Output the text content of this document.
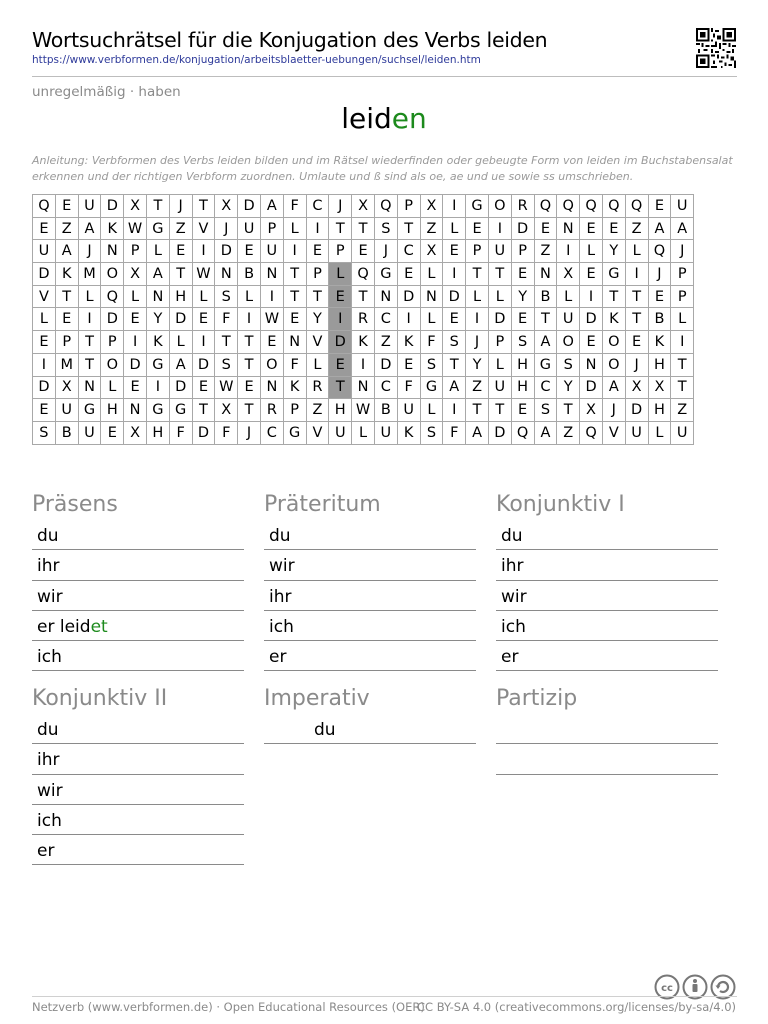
Wortsuchrätsel für die Konjugation des Verbs leiden
https://www.verbformen.de/konjugation/arbeitsblaetter-uebungen/suchsel/leiden.htm
unregelmäßig · haben
leiden
Anleitung: Verbformen des Verbs leiden bilden und im Rätsel wiederfinden oder gebeugte Form von leiden im Buchstabensalat erkennen und der richtigen Verbform zuordnen. Umlaute und ß sind als oe, ae und ue sowie ss umschrieben.
Q	E	U	D	X	T	J	T	X	D	A	F	C	J	X	Q	P	X	I	G	O	R	Q	Q	Q	Q	Q	E	U
E	Z	A	K	W	G	Z	V	J	U	P	L	I	T	T	S	T	Z	L	E	I	D	E	N	E	E	Z	A	A
U	A	J	N	P	L	E	I	D	E	U	I	E	P	E	J	C	X	E	P	U	P	Z	I	L	Y	L	Q	J
D	K	M	O	X	A	T	W	N	B	N	T	P	L	Q	G	E	L	I	T	T	E	N	X	E	G	I	J	P
V	T	L	Q	L	N	H	L	S	L	I	T	T	E	T	N	D	N	D	L	L	Y	B	L	I	T	T	E	P
L	E	I	D	E	Y	D	E	F	I	W	E	Y	I	R	C	I	L	E	I	D	E	T	U	D	K	T	B	L
E	P	T	P	I	K	L	I	T	T	E	N	V	D	K	Z	K	F	S	J	P	S	A	O	E	O	E	K	I
I	M	T	O	D	G	A	D	S	T	O	F	L	E	I	D	E	S	T	Y	L	H	G	S	N	O	J	H	T
D	X	N	L	E	I	D	E	W	E	N	K	R	T	N	C	F	G	A	Z	U	H	C	Y	D	A	X	X	T
E	U	G	H	N	G	G	T	X	T	R	P	Z	H	W	B	U	L	I	T	T	E	S	T	X	J	D	H	Z
S	B	U	E	X	H	F	D	F	J	C	G	V	U	L	U	K	S	F	A	D	Q	A	Z	Q	V	U	L	U
Präsens
du
ihr
wir
er leidet
ich
Präteritum
du
wir
ihr
ich
er
Konjunktiv I
du
ihr
wir
ich
er
Konjunktiv II
du
ihr
wir
ich
er
Imperativ
du
Partizip
cc
Netzverb (www.verbformen.de) · Open Educational Resources (OER)
CC BY-SA 4.0 (creativecommons.org/licenses/by-sa/4.0)
